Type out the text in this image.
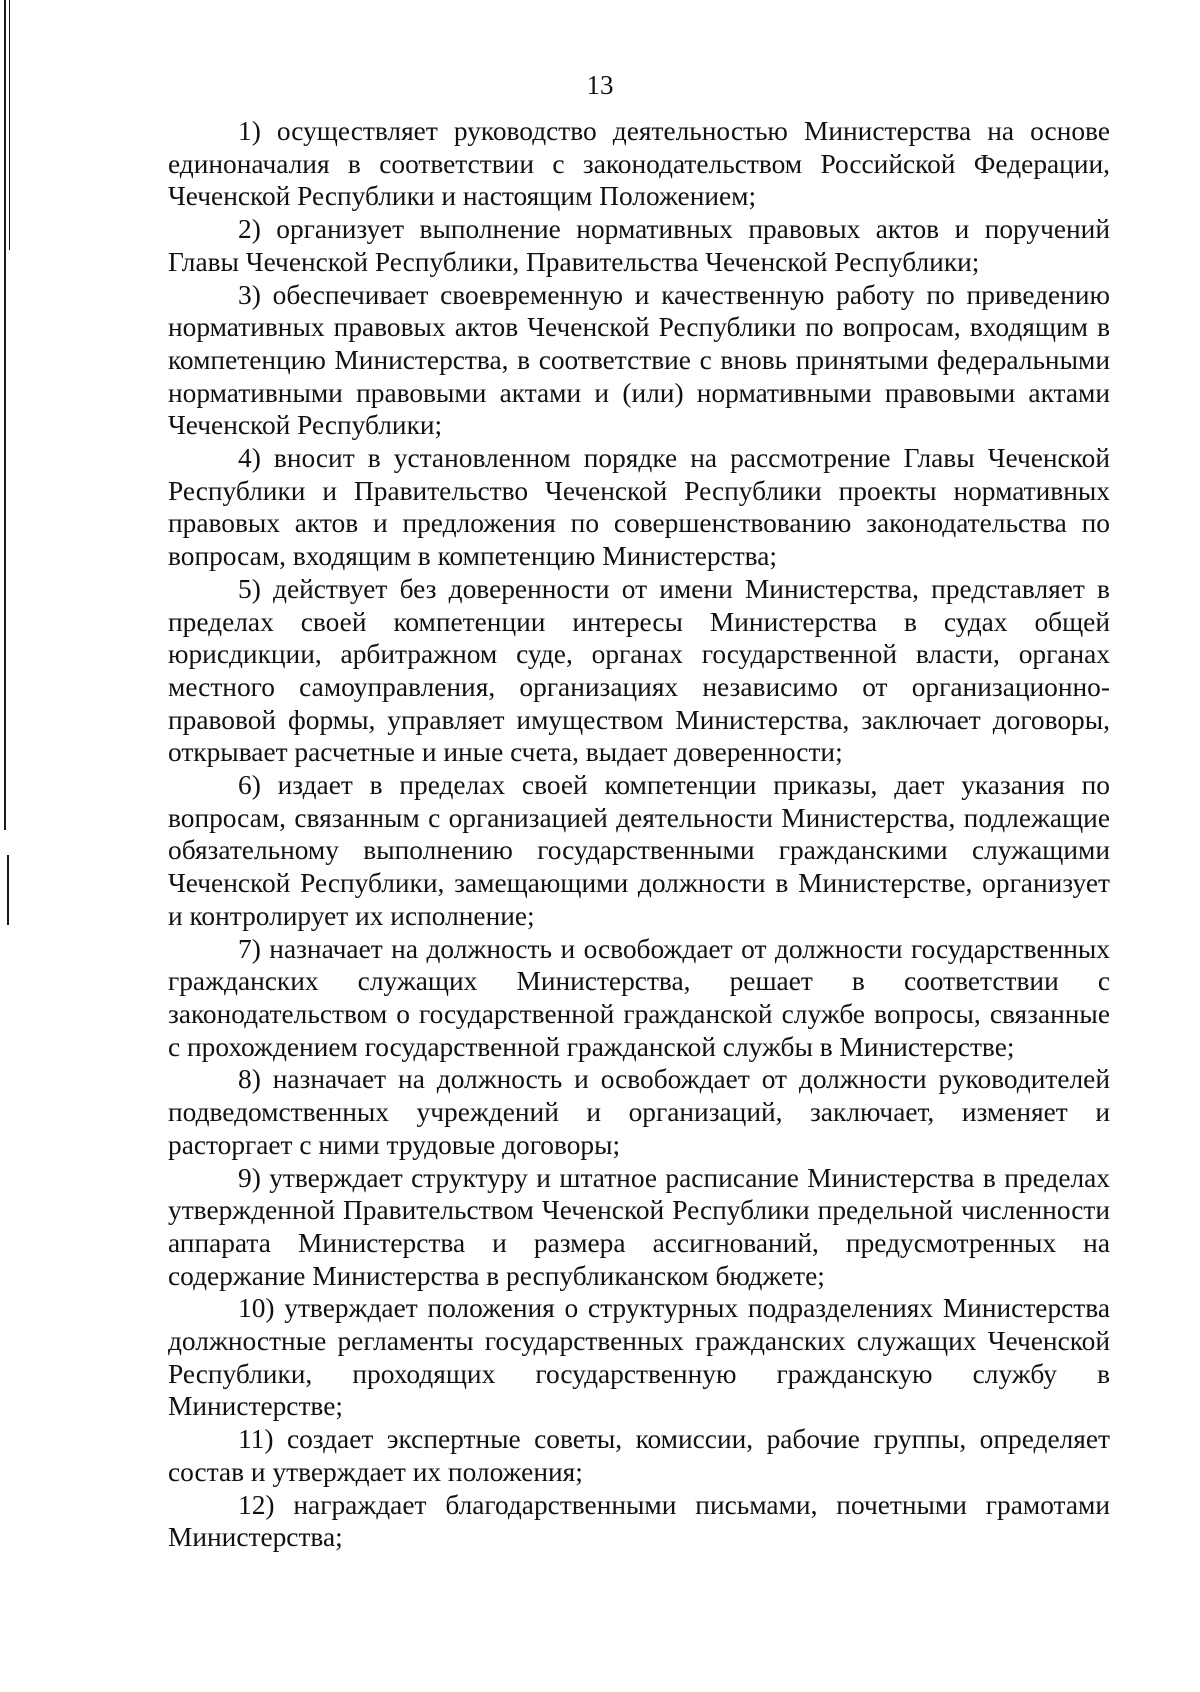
13

1) осуществляет руководство деятельностью Министерства на основе единоначалия в соответствии с законодательством Российской Федерации, Чеченской Республики и настоящим Положением;

2) организует выполнение нормативных правовых актов и поручений Главы Чеченской Республики, Правительства Чеченской Республики;

3) обеспечивает своевременную и качественную работу по приведению нормативных правовых актов Чеченской Республики по вопросам, входящим в компетенцию Министерства, в соответствие с вновь принятыми федеральными нормативными правовыми актами и (или) нормативными правовыми актами Чеченской Республики;

4) вносит в установленном порядке на рассмотрение Главы Чеченской Республики и Правительство Чеченской Республики проекты нормативных правовых актов и предложения по совершенствованию законодательства по вопросам, входящим в компетенцию Министерства;

5) действует без доверенности от имени Министерства, представляет в пределах своей компетенции интересы Министерства в судах общей юрисдикции, арбитражном суде, органах государственной власти, органах местного самоуправления, организациях независимо от организационно-правовой формы, управляет имуществом Министерства, заключает договоры, открывает расчетные и иные счета, выдает доверенности;

6) издает в пределах своей компетенции приказы, дает указания по вопросам, связанным с организацией деятельности Министерства, подлежащие обязательному выполнению государственными гражданскими служащими Чеченской Республики, замещающими должности в Министерстве, организует и контролирует их исполнение;

7) назначает на должность и освобождает от должности государственных гражданских служащих Министерства, решает в соответствии с законодательством о государственной гражданской службе вопросы, связанные с прохождением государственной гражданской службы в Министерстве;

8) назначает на должность и освобождает от должности руководителей подведомственных учреждений и организаций, заключает, изменяет и расторгает с ними трудовые договоры;

9) утверждает структуру и штатное расписание Министерства в пределах утвержденной Правительством Чеченской Республики предельной численности аппарата Министерства и размера ассигнований, предусмотренных на содержание Министерства в республиканском бюджете;

10) утверждает положения о структурных подразделениях Министерства должностные регламенты государственных гражданских служащих Чеченской Республики, проходящих государственную гражданскую службу в Министерстве;

11) создает экспертные советы, комиссии, рабочие группы, определяет состав и утверждает их положения;

12) награждает благодарственными письмами, почетными грамотами Министерства;
